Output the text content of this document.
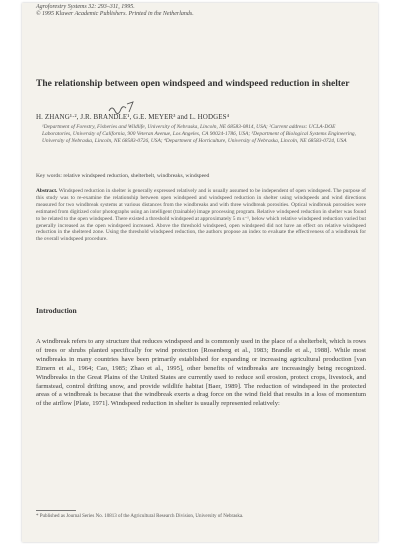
Agroforestry Systems 32: 293–311, 1995.
© 1995 Kluwer Academic Publishers. Printed in the Netherlands.
The relationship between open windspeed and windspeed reduction in shelter
H. ZHANG¹·², J.R. BRANDLE¹, G.E. MEYER³ and L. HODGES⁴
¹Department of Forestry, Fisheries and Wildlife, University of Nebraska, Lincoln, NE 68583-0814, USA; ²Current address: UCLA-DOE Laboratories, University of California, 900 Veteran Avenue, Los Angeles, CA 90024-1786, USA; ³Department of Biological Systems Engineering, University of Nebraska, Lincoln, NE 68583-0726, USA; ⁴Department of Horticulture, University of Nebraska, Lincoln, NE 68583-0724, USA
Key words: relative windspeed reduction, shelterbelt, windbreaks, windspeed
Abstract. Windspeed reduction in shelter is generally expressed relatively and is usually assumed to be independent of open windspeed. The purpose of this study was to re-examine the relationship between open windspeed and windspeed reduction in shelter using windspeeds and wind directions measured for two windbreak systems at various distances from the windbreaks and with three windbreak porosities. Optical windbreak porosities were estimated from digitized color photographs using an intelligent (trainable) image processing program. Relative windspeed reduction in shelter was found to be related to the open windspeed. There existed a threshold windspeed at approximately 5 m s⁻¹, below which relative windspeed reduction varied but generally increased as the open windspeed increased. Above the threshold windspeed, open windspeed did not have an effect on relative windspeed reduction in the sheltered zone. Using the threshold windspeed reduction, the authors propose an index to evaluate the effectiveness of a windbreak for the overall windspeed procedure.
Introduction
A windbreak refers to any structure that reduces windspeed and is commonly used in the place of a shelterbelt, which is rows of trees or shrubs planted specifically for wind protection [Rosenberg et al., 1983; Brandle et al., 1988]. While most windbreaks in many countries have been primarily established for expanding or increasing agricultural production [van Eimern et al., 1964; Cao, 1985; Zhao et al., 1995], other benefits of windbreaks are increasingly being recognized. Windbreaks in the Great Plains of the United States are currently used to reduce soil erosion, protect crops, livestock, and farmstead, control drifting snow, and provide wildlife habitat [Baer, 1989]. The reduction of windspeed in the protected areas of a windbreak is because that the windbreak exerts a drag force on the wind field that results in a loss of momentum of the airflow [Plate, 1971]. Windspeed reduction in shelter is usually represented relatively:
* Published as Journal Series No. 10813 of the Agricultural Research Division, University of Nebraska.
